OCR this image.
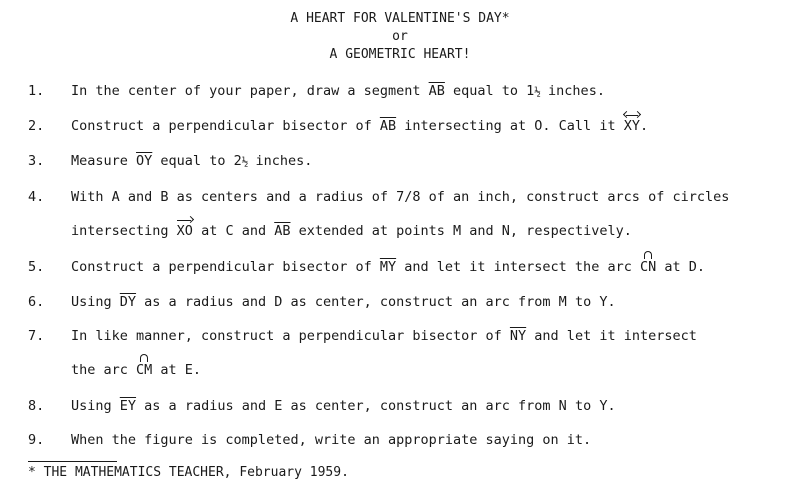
A HEART FOR VALENTINE'S DAY*
or
A GEOMETRIC HEART!
1. In the center of your paper, draw a segment $\overline{AB}$ equal to 1½ inches.
2. Construct a perpendicular bisector of $\overline{AB}$ intersecting at O. Call it
XY.
3. Measure $\overline{OY}$ equal to 2½ inches.
4. With A and B as centers and a radius of 7/8 of an inch, construct arcs of circles
intersecting XO at C and $\overline{AB}$ extended at points M and N, respectively.
5. Construct a perpendicular bisector of $\overline{MY}$ and let it intersect the arc CN at D.
6. Using $\overline{DY}$ as a radius and D as center, construct an arc from M to Y.
7. In like manner, construct a perpendicular bisector of $\overline{NY}$ and let it intersect
the arc CM at E.
8. Using $\overline{EY}$ as a radius and E as center, construct an arc from N to Y.
9. When the figure is completed, write an appropriate saying on it.
* THE MATHEMATICS TEACHER, February 1959.
